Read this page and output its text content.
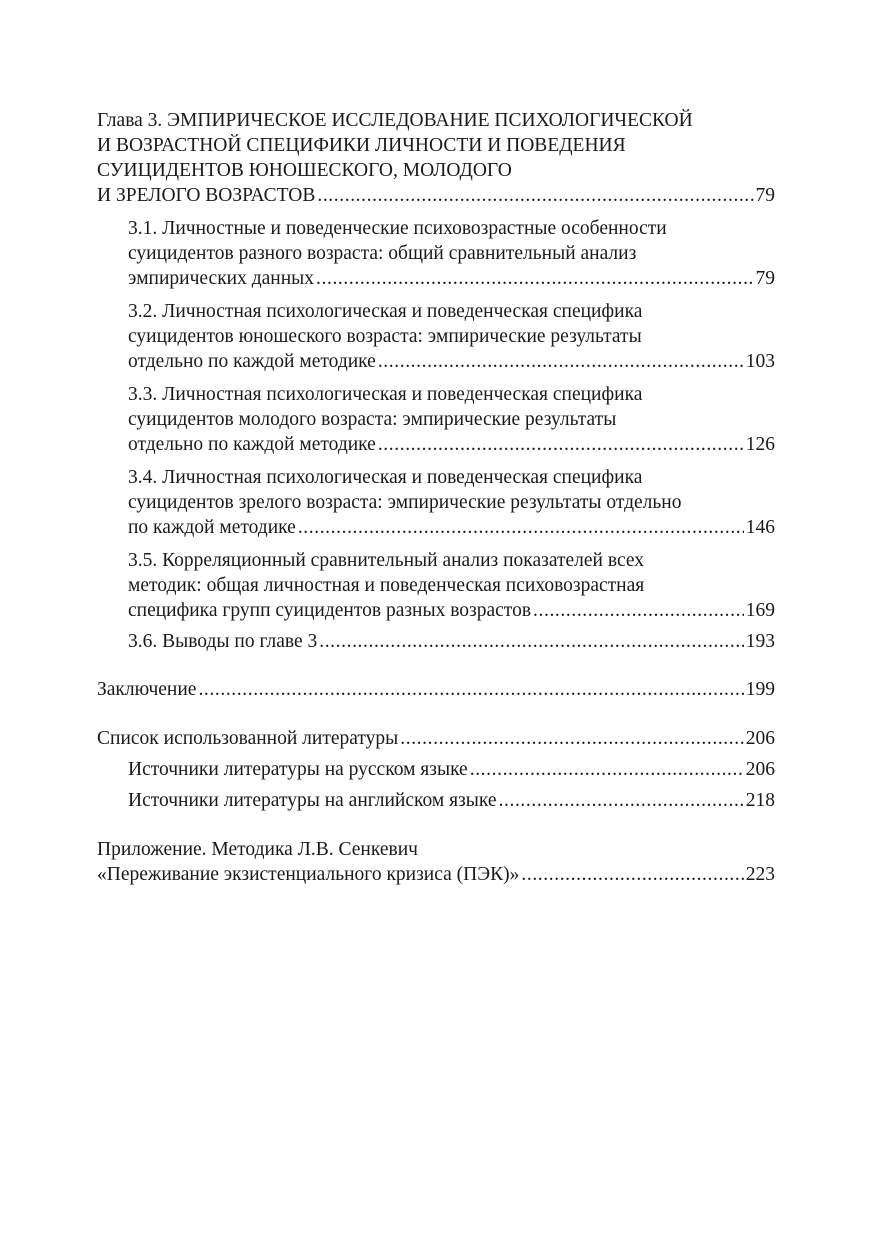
Глава 3. ЭМПИРИЧЕСКОЕ ИССЛЕДОВАНИЕ ПСИХОЛОГИЧЕСКОЙ
И ВОЗРАСТНОЙ СПЕЦИФИКИ ЛИЧНОСТИ И ПОВЕДЕНИЯ
СУИЦИДЕНТОВ ЮНОШЕСКОГО, МОЛОДОГО
И ЗРЕЛОГО ВОЗРАСТОВ .....	79
3.1. Личностные и поведенческие психовозрастные особенности
суицидентов разного возраста: общий сравнительный анализ
эмпирических данных .....	79
3.2. Личностная психологическая и поведенческая специфика
суицидентов юношеского возраста: эмпирические результаты
отдельно по каждой методике .....	103
3.3. Личностная психологическая и поведенческая специфика
суицидентов молодого возраста: эмпирические результаты
отдельно по каждой методике .....	126
3.4. Личностная психологическая и поведенческая специфика
суицидентов зрелого возраста: эмпирические результаты отдельно
по каждой методике .....	146
3.5. Корреляционный сравнительный анализ показателей всех
методик: общая личностная и поведенческая психовозрастная
специфика групп суицидентов разных возрастов .....	169
3.6. Выводы по главе 3 .....	193
Заключение .....	199
Список использованной литературы .....	206
Источники литературы на русском языке .....	206
Источники литературы на английском языке .....	218
Приложение. Методика Л.В. Сенкевич
«Переживание экзистенциального кризиса (ПЭК)» .....	223
